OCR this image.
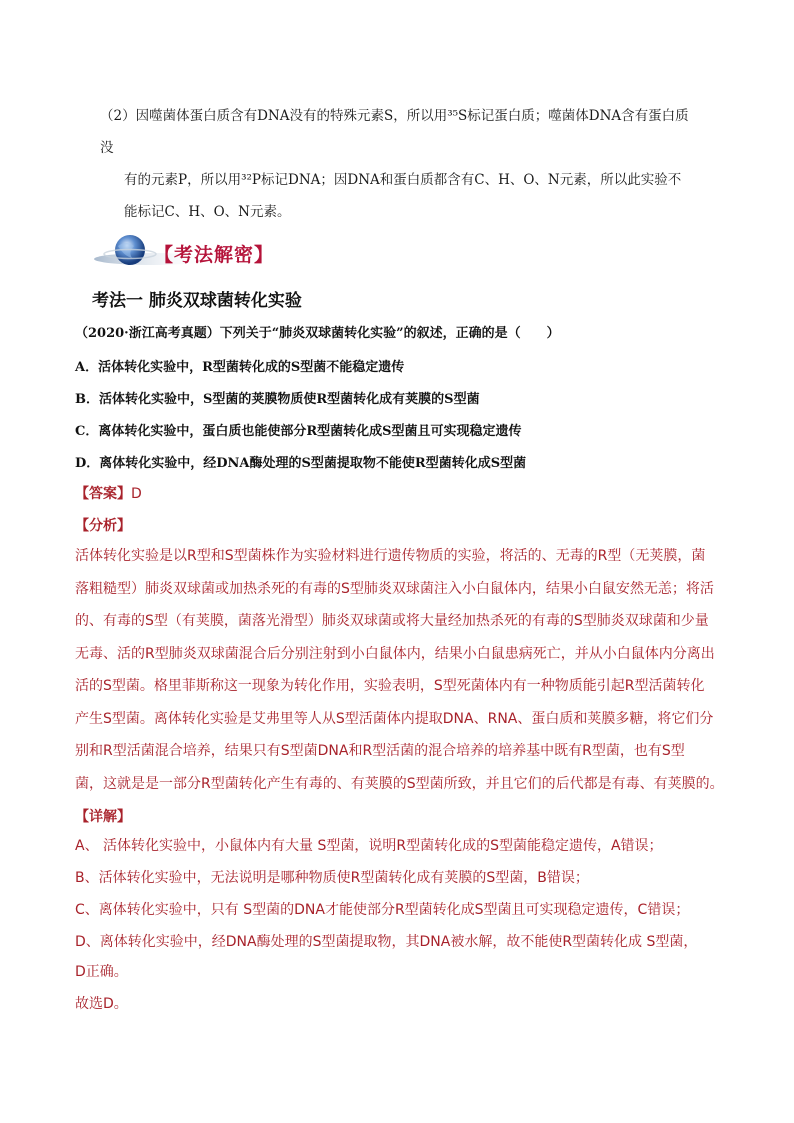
（2）因噬菌体蛋白质含有DNA没有的特殊元素S，所以用³⁵S标记蛋白质；噬菌体DNA含有蛋白质没
有的元素P，所以用³²P标记DNA；因DNA和蛋白质都含有C、H、O、N元素，所以此实验不
能标记C、H、O、N元素。
【考法解密】
考法一 肺炎双球菌转化实验
（2020·浙江高考真题）下列关于“肺炎双球菌转化实验”的叙述，正确的是（　　）
A．活体转化实验中，R型菌转化成的S型菌不能稳定遗传
B．活体转化实验中，S型菌的荚膜物质使R型菌转化成有荚膜的S型菌
C．离体转化实验中，蛋白质也能使部分R型菌转化成S型菌且可实现稳定遗传
D．离体转化实验中，经DNA酶处理的S型菌提取物不能使R型菌转化成S型菌
【答案】D
【分析】
活体转化实验是以R型和S型菌株作为实验材料进行遗传物质的实验，将活的、无毒的R型（无荚膜，菌
落粗糙型）肺炎双球菌或加热杀死的有毒的S型肺炎双球菌注入小白鼠体内，结果小白鼠安然无恙；将活
的、有毒的S型（有荚膜，菌落光滑型）肺炎双球菌或将大量经加热杀死的有毒的S型肺炎双球菌和少量
无毒、活的R型肺炎双球菌混合后分别注射到小白鼠体内，结果小白鼠患病死亡，并从小白鼠体内分离出
活的S型菌。格里菲斯称这一现象为转化作用，实验表明，S型死菌体内有一种物质能引起R型活菌转化
产生S型菌。离体转化实验是艾弗里等人从S型活菌体内提取DNA、RNA、蛋白质和荚膜多糖，将它们分
别和R型活菌混合培养，结果只有S型菌DNA和R型活菌的混合培养的培养基中既有R型菌，也有S型
菌，这就是是一部分R型菌转化产生有毒的、有荚膜的S型菌所致，并且它们的后代都是有毒、有荚膜的。
【详解】
A、 活体转化实验中，小鼠体内有大量 S型菌，说明R型菌转化成的S型菌能稳定遗传，A错误；
B、活体转化实验中，无法说明是哪种物质使R型菌转化成有荚膜的S型菌，B错误；
C、离体转化实验中，只有 S型菌的DNA才能使部分R型菌转化成S型菌且可实现稳定遗传，C错误；
D、离体转化实验中，经DNA酶处理的S型菌提取物，其DNA被水解，故不能使R型菌转化成 S型菌，
D正确。
故选D。
